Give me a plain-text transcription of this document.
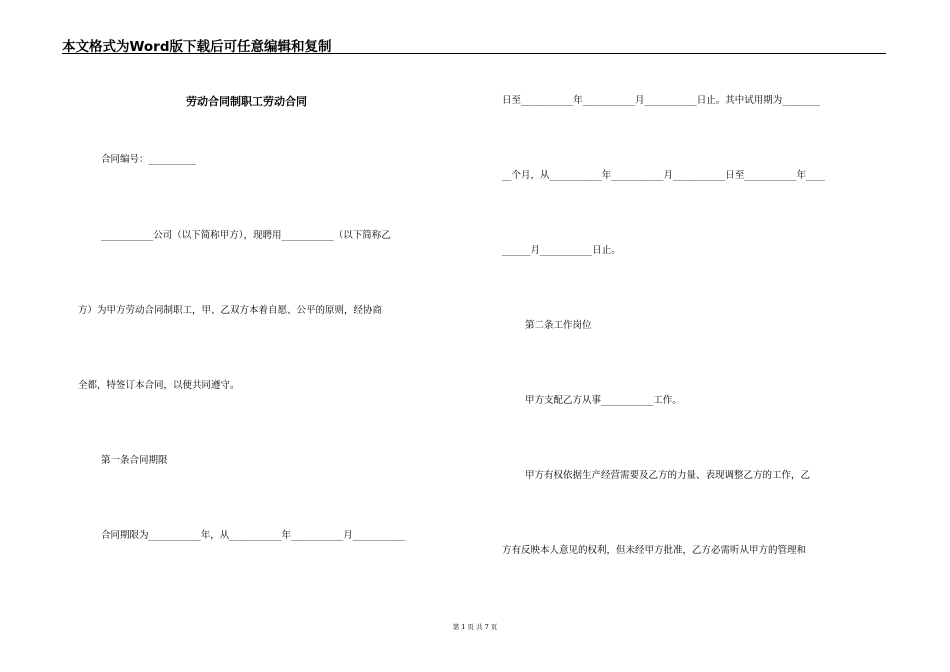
本文格式为Word版下载后可任意编辑和复制
劳动合同制职工劳动合同
合同编号：__________
___________公司（以下简称甲方），现聘用___________（以下简称乙
方）为甲方劳动合同制职工，甲、乙双方本着自愿、公平的原则，经协商
全都，特签订本合同，以便共同遵守。
第一条合同期限
合同期限为___________年，从___________年___________月___________
日至___________年___________月___________日止。其中试用期为________
__个月，从___________年___________月___________日至___________年____
______月___________日止。
第二条工作岗位
甲方支配乙方从事___________工作。
甲方有权依据生产经营需要及乙方的力量、表现调整乙方的工作，乙
方有反映本人意见的权利，但未经甲方批准，乙方必需听从甲方的管理和
第 1 页 共 7 页
